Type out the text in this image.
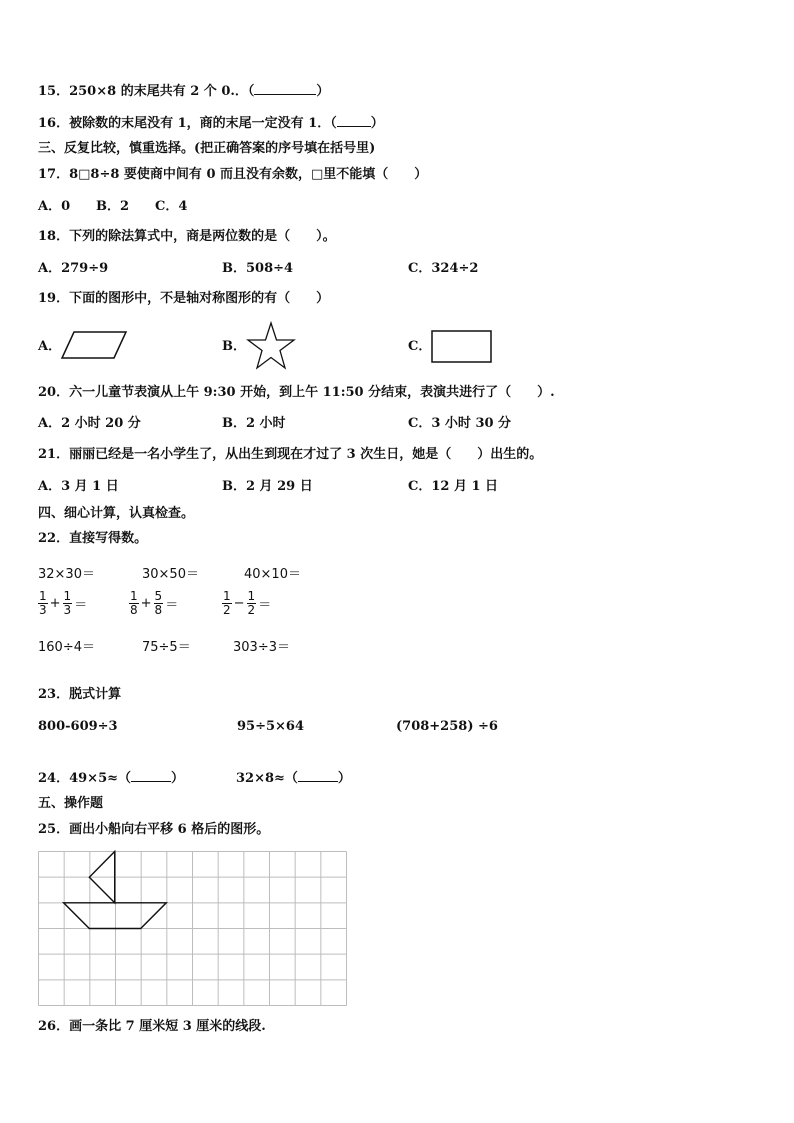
15．250×8 的末尾共有 2 个 0.．（	）
16．被除数的末尾没有 1，商的末尾一定没有 1．（	）
三、反复比较，慎重选择。(把正确答案的序号填在括号里)
17．8□8÷8 要使商中间有 0 而且没有余数，□里不能填（　　）
A．0 B．2 C．4
18．下列的除法算式中，商是两位数的是（　　）。
A．279÷9	B．508÷4	C．324÷2
19．下面的图形中，不是轴对称图形的有（　　）
A．	B．	C．
20．六一儿童节表演从上午 9:30 开始，到上午 11:50 分结束，表演共进行了（　　）.
A．2 小时 20 分	B．2 小时	C．3 小时 30 分
21．丽丽已经是一名小学生了，从出生到现在才过了 3 次生日，她是（　　）出生的。
A．3 月 1 日	B．2 月 29 日	C．12 月 1 日
四、细心计算，认真检查。
22．直接写得数。
32×30＝	30×50＝	40×10＝
$\frac{1}{3} + \frac{1}{3}$ ＝	$\frac{1}{8} + \frac{5}{8}$ ＝	$\frac{1}{2} - \frac{1}{2}$ ＝
160÷4＝	75÷5＝	303÷3＝
23．脱式计算
800-609÷3	95÷5×64	(708+258) ÷6
24．49×5≈（	）	32×8≈（	）
五、操作题
25．画出小船向右平移 6 格后的图形。
26．画一条比 7 厘米短 3 厘米的线段.
